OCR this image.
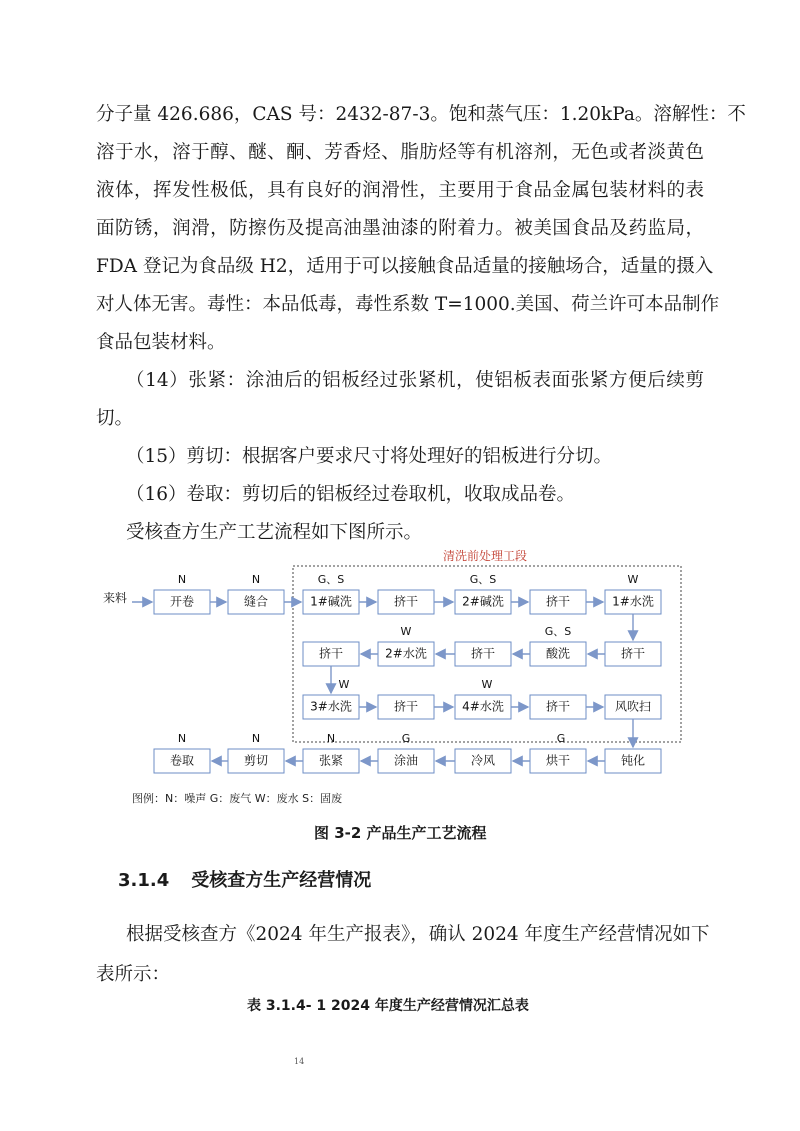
分子量 426.686，CAS 号：2432-87-3。饱和蒸气压：1.20kPa。溶解性：不
溶于水，溶于醇、醚、酮、芳香烃、脂肪烃等有机溶剂，无色或者淡黄色
液体，挥发性极低，具有良好的润滑性，主要用于食品金属包装材料的表
面防锈，润滑，防擦伤及提高油墨油漆的附着力。被美国食品及药监局，
FDA 登记为食品级 H2，适用于可以接触食品适量的接触场合，适量的摄入
对人体无害。毒性：本品低毒，毒性系数 T=1000.美国、荷兰许可本品制作
食品包装材料。
（14）张紧：涂油后的铝板经过张紧机，使铝板表面张紧方便后续剪
切。
（15）剪切：根据客户要求尺寸将处理好的铝板进行分切。
（16）卷取：剪切后的铝板经过卷取机，收取成品卷。
受核查方生产工艺流程如下图所示。
清洗前处理工段
来料	开卷
N
缝合
N
1#碱洗
G、S
挤干	2#碱洗
G、S
挤干	1#水洗
W
挤干
酸洗
G、S
挤干
2#水洗
W
挤干
3#水洗
W
挤干	4#水洗
W
挤干	风吹扫
钝化
烘干
G
冷风
涂油
G
张紧
N
剪切
N
卷取
N
图例：N：噪声 G：废气 W：废水 S：固废
图 3-2 产品生产工艺流程
3.1.4 受核查方生产经营情况
根据受核查方《2024 年生产报表》，确认 2024 年度生产经营情况如下
表所示：
表 3.1.4- 1 2024 年度生产经营情况汇总表
14
